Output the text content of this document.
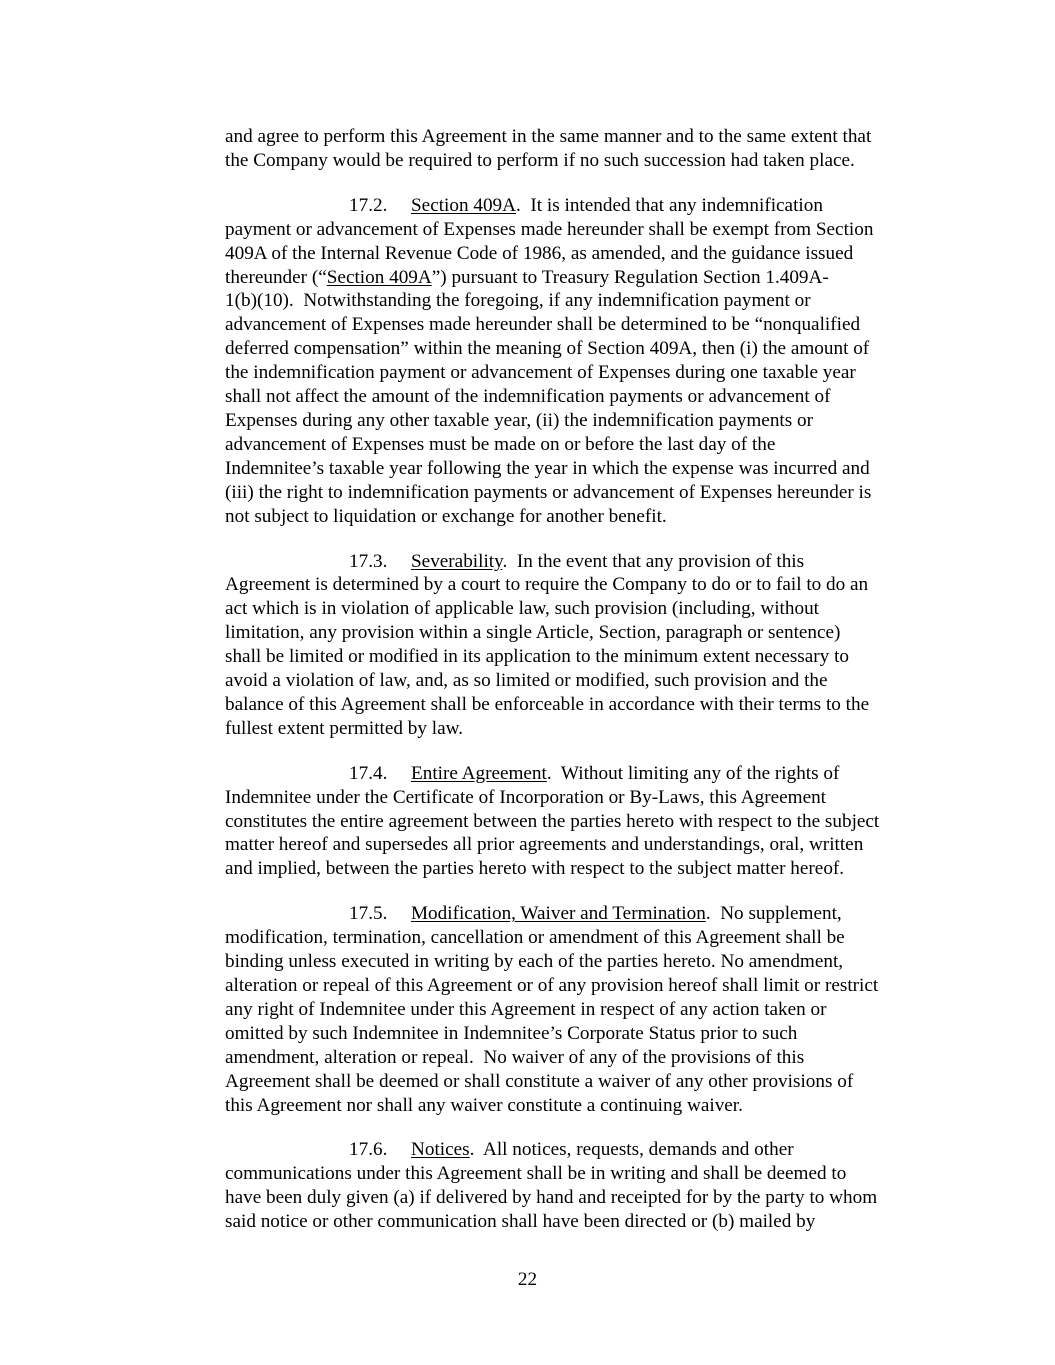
and agree to perform this Agreement in the same manner and to the same extent that
the Company would be required to perform if no such succession had taken place.
17.2. Section 409A.  It is intended that any indemnification
payment or advancement of Expenses made hereunder shall be exempt from Section
409A of the Internal Revenue Code of 1986, as amended, and the guidance issued
thereunder (“Section 409A”) pursuant to Treasury Regulation Section 1.409A-
1(b)(10).  Notwithstanding the foregoing, if any indemnification payment or
advancement of Expenses made hereunder shall be determined to be “nonqualified
deferred compensation” within the meaning of Section 409A, then (i) the amount of
the indemnification payment or advancement of Expenses during one taxable year
shall not affect the amount of the indemnification payments or advancement of
Expenses during any other taxable year, (ii) the indemnification payments or
advancement of Expenses must be made on or before the last day of the
Indemnitee’s taxable year following the year in which the expense was incurred and
(iii) the right to indemnification payments or advancement of Expenses hereunder is
not subject to liquidation or exchange for another benefit.
17.3. Severability.  In the event that any provision of this
Agreement is determined by a court to require the Company to do or to fail to do an
act which is in violation of applicable law, such provision (including, without
limitation, any provision within a single Article, Section, paragraph or sentence)
shall be limited or modified in its application to the minimum extent necessary to
avoid a violation of law, and, as so limited or modified, such provision and the
balance of this Agreement shall be enforceable in accordance with their terms to the
fullest extent permitted by law.
17.4. Entire Agreement.  Without limiting any of the rights of
Indemnitee under the Certificate of Incorporation or By-Laws, this Agreement
constitutes the entire agreement between the parties hereto with respect to the subject
matter hereof and supersedes all prior agreements and understandings, oral, written
and implied, between the parties hereto with respect to the subject matter hereof.
17.5. Modification, Waiver and Termination.  No supplement,
modification, termination, cancellation or amendment of this Agreement shall be
binding unless executed in writing by each of the parties hereto. No amendment,
alteration or repeal of this Agreement or of any provision hereof shall limit or restrict
any right of Indemnitee under this Agreement in respect of any action taken or
omitted by such Indemnitee in Indemnitee’s Corporate Status prior to such
amendment, alteration or repeal.  No waiver of any of the provisions of this
Agreement shall be deemed or shall constitute a waiver of any other provisions of
this Agreement nor shall any waiver constitute a continuing waiver.
17.6. Notices.  All notices, requests, demands and other
communications under this Agreement shall be in writing and shall be deemed to
have been duly given (a) if delivered by hand and receipted for by the party to whom
said notice or other communication shall have been directed or (b) mailed by
22
